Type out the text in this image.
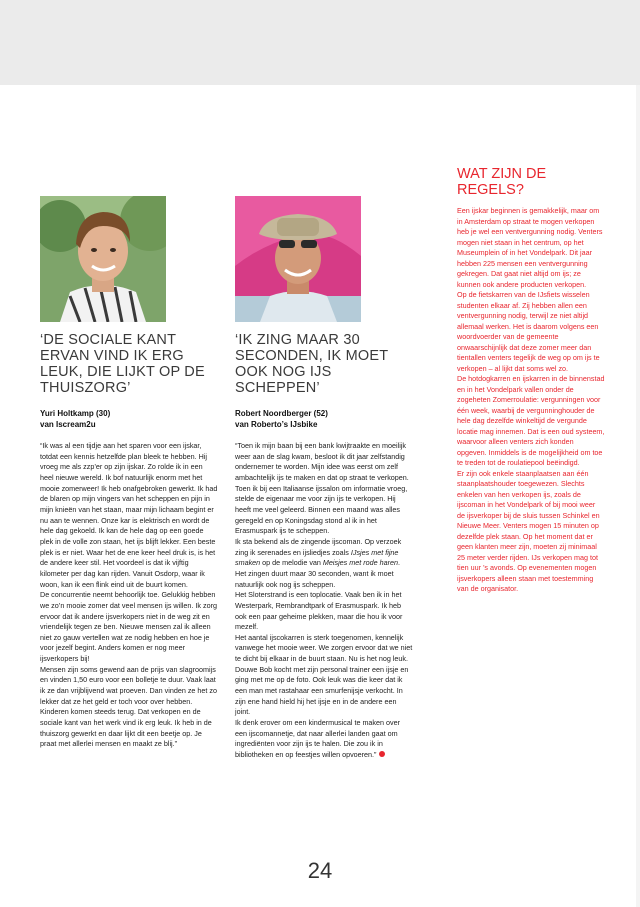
‘DE SOCIALE KANT ERVAN VIND IK ERG LEUK, DIE LIJKT OP DE THUISZORG’
‘IK ZING MAAR 30 SECONDEN, IK MOET OOK NOG IJS SCHEPPEN’
Yuri Holtkamp (30)
van Iscream2u
Robert Noordberger (52)
van Roberto’s IJsbike

“Ik was al een tijdje aan het sparen voor een ijskar, totdat een kennis hetzelfde plan bleek te hebben. Hij vroeg me als zzp’er op zijn ijskar. Zo rolde ik in een heel nieuwe wereld. Ik bof natuurlijk enorm met het mooie zomerweer! Ik heb onafgebroken gewerkt. Ik had de blaren op mijn vingers van het scheppen en pijn in mijn knieën van het staan, maar mijn lichaam begint er nu aan te wennen. Onze kar is elektrisch en wordt de hele dag gekoeld. Ik kan de hele dag op een goede plek in de volle zon staan, het ijs blijft lekker. Een beste plek is er niet. Waar het de ene keer heel druk is, is het de andere keer stil. Het voordeel is dat ik vijftig kilometer per dag kan rijden. Vanuit Osdorp, waar ik woon, kan ik een flink eind uit de buurt komen.

De concurrentie neemt behoorlijk toe. Gelukkig hebben we zo’n mooie zomer dat veel mensen ijs willen. Ik zorg ervoor dat ik andere ijsverkopers niet in de weg zit en vriendelijk tegen ze ben. Nieuwe mensen zal ik alleen niet zo gauw vertellen wat ze nodig hebben en hoe je voor jezelf begint. Anders komen er nog meer ijsverkopers bij!

Mensen zijn soms gewend aan de prijs van slagroomijs en vinden 1,50 euro voor een bolletje te duur. Vaak laat ik ze dan vrijblijvend wat proeven. Dan vinden ze het zo lekker dat ze het geld er toch voor over hebben. Kinderen komen steeds terug. Dat verkopen en de sociale kant van het werk vind ik erg leuk. Ik heb in de thuiszorg gewerkt en daar lijkt dit een beetje op. Je praat met allerlei mensen en maakt ze blij.”

“Toen ik mijn baan bij een bank kwijtraakte en moeilijk weer aan de slag kwam, besloot ik dit jaar zelfstandig ondernemer te worden. Mijn idee was eerst om zelf ambachtelijk ijs te maken en dat op straat te verkopen. Toen ik bij een Italiaanse ijssalon om informatie vroeg, stelde de eigenaar me voor zijn ijs te verkopen. Hij heeft me veel geleerd. Binnen een maand was alles geregeld en op Koningsdag stond al ik in het Erasmuspark ijs te scheppen.

Ik sta bekend als de zingende ijscoman. Op verzoek zing ik serenades en ijsliedjes zoals IJsjes met fijne smaken op de melodie van Meisjes met rode haren. Het zingen duurt maar 30 seconden, want ik moet natuurlijk ook nog ijs scheppen.

Het Sloterstrand is een toplocatie. Vaak ben ik in het Westerpark, Rembrandtpark of Erasmuspark. Ik heb ook een paar geheime plekken, maar die hou ik voor mezelf.

Het aantal ijscokarren is sterk toegenomen, kennelijk vanwege het mooie weer. We zorgen ervoor dat we niet te dicht bij elkaar in de buurt staan. Nu is het nog leuk.

Douwe Bob kocht met zijn personal trainer een ijsje en ging met me op de foto. Ook leuk was die keer dat ik een man met rastahaar een smurfenijsje verkocht. In zijn ene hand hield hij het ijsje en in de andere een joint.

Ik denk erover om een kindermusical te maken over een ijscomannetje, dat naar allerlei landen gaat om ingrediënten voor zijn ijs te halen. Die zou ik in bibliotheken en op feestjes willen opvoeren.”

WAT ZIJN DE REGELS?

Een ijskar beginnen is gemakkelijk, maar om in Amsterdam op straat te mogen verkopen heb je wel een ventvergunning nodig. Venters mogen niet staan in het centrum, op het Museumplein of in het Vondelpark. Dit jaar hebben 225 mensen een ventvergunning gekregen. Dat gaat niet altijd om ijs; ze kunnen ook andere producten verkopen.

Op de fietskarren van de IJsfiets wisselen studenten elkaar af. Zij hebben allen een ventvergunning nodig, terwijl ze niet altijd allemaal werken. Het is daarom volgens een woordvoerder van de gemeente onwaarschijnlijk dat deze zomer meer dan tientallen venters tegelijk de weg op om ijs te verkopen – al lijkt dat soms wel zo.

De hotdogkarren en ijskarren in de binnenstad en in het Vondelpark vallen onder de zogeheten Zomerroulatie: vergunningen voor één week, waarbij de vergunninghouder de hele dag dezelfde winkeltijd de vergunde locatie mag innemen. Dat is een oud systeem, waarvoor alleen venters zich konden opgeven. Inmiddels is de mogelijkheid om toe te treden tot de roulatiepool beëindigd.

Er zijn ook enkele staanplaatsen aan één staanplaatshouder toegewezen. Slechts enkelen van hen verkopen ijs, zoals de ijscoman in het Vondelpark of bij mooi weer de ijsverkoper bij de sluis tussen Schinkel en Nieuwe Meer. Venters mogen 15 minuten op dezelfde plek staan. Op het moment dat er geen klanten meer zijn, moeten zij minimaal 25 meter verder rijden. IJs verkopen mag tot tien uur ’s avonds. Op evenementen mogen ijsverkopers alleen staan met toestemming van de organisator.

24
